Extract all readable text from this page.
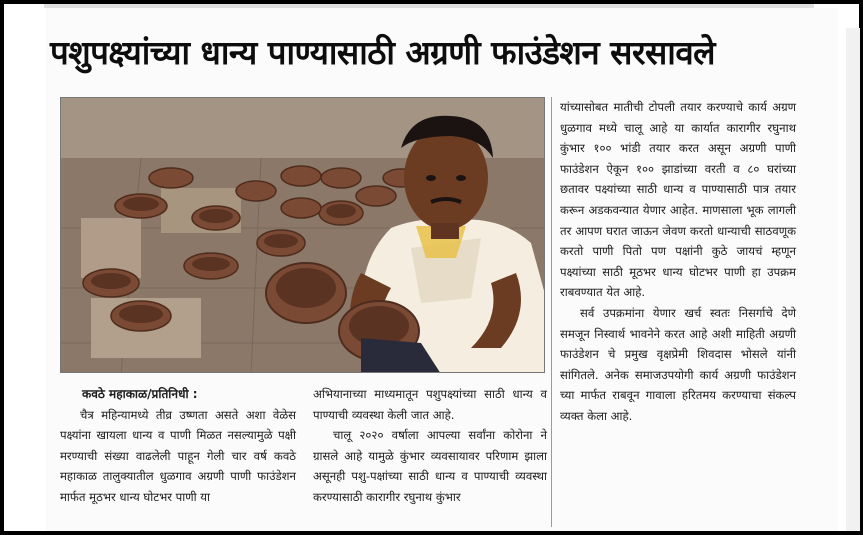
पशुपक्ष्यांच्या धान्य पाण्यासाठी अग्रणी फाउंडेशन सरसावले

कवठे महाकाळ/प्रतिनिधी :

चैत्र महिन्यामध्ये तीव्र उष्णता असते अशा वेळेस पक्ष्यांना खायला धान्य व पाणी मिळत नसल्यामुळे पक्षी मरण्याची संख्या वाढलेली पाहून गेली चार वर्ष कवठे महाकाळ तालुक्यातील धुळगाव अग्रणी पाणी फाउंडेशन मार्फत मूठभर धान्य घोटभर पाणी या

अभियानाच्या माध्यमातून पशुपक्ष्यांच्या साठी धान्य व पाण्याची व्यवस्था केली जात आहे.

चालू २०२० वर्षाला आपल्या सर्वांना कोरोना ने ग्रासले आहे यामुळे कुंभार व्यवसायावर परिणाम झाला असूनही पशु-पक्षांच्या साठी धान्य व पाण्याची व्यवस्था करण्यासाठी कारागीर रघुनाथ कुंभार

यांच्यासोबत मातीची टोपली तयार करण्याचे कार्य अग्रण धुळगाव मध्ये चालू आहे या कार्यात कारागीर रघुनाथ कुंभार १०० भांडी तयार करत असून अग्रणी पाणी फाउंडेशन ऐकून १०० झाडांच्या वरती व ८० घरांच्या छतावर पक्ष्यांच्या साठी धान्य व पाण्यासाठी पात्र तयार करून अडकवन्यात येणार आहेत. माणसाला भूक लागली तर आपण घरात जाऊन जेवण करतो धान्याची साठवणूक करतो पाणी पितो पण पक्षांनी कुठे जायचं म्हणून पक्ष्यांच्या साठी मूठभर धान्य घोटभर पाणी हा उपक्रम राबवण्यात येत आहे.

सर्व उपक्रमांना येणार खर्च स्वतः निसर्गाचे देणे समजून निस्वार्थ भावनेने करत आहे अशी माहिती अग्रणी फाउंडेशन चे प्रमुख वृक्षप्रेमी शिवदास भोसले यांनी सांगितले. अनेक समाजउपयोगी कार्य अग्रणी फाउंडेशन च्या मार्फत राबवून गावाला हरितमय करण्याचा संकल्प व्यक्त केला आहे.
